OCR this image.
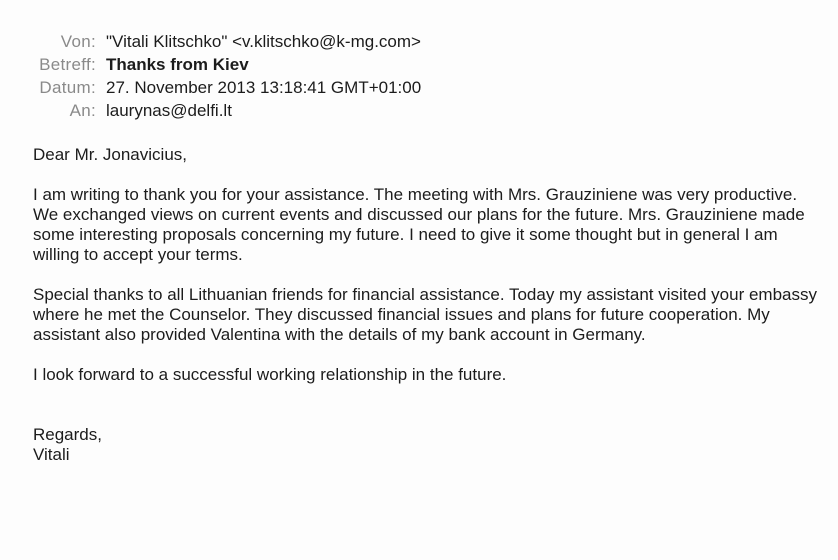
Von: "Vitali Klitschko" <v.klitschko@k-mg.com>
Betreff: Thanks from Kiev
Datum: 27. November 2013 13:18:41 GMT+01:00
An: laurynas@delfi.lt

Dear Mr. Jonavicius,

I am writing to thank you for your assistance. The meeting with Mrs. Grauziniene was very productive. We exchanged views on current events and discussed our plans for the future. Mrs. Grauziniene made some interesting proposals concerning my future. I need to give it some thought but in general I am willing to accept your terms.

Special thanks to all Lithuanian friends for financial assistance. Today my assistant visited your embassy where he met the Counselor. They discussed financial issues and plans for future cooperation. My assistant also provided Valentina with the details of my bank account in Germany.

I look forward to a successful working relationship in the future.

Regards,
Vitali
